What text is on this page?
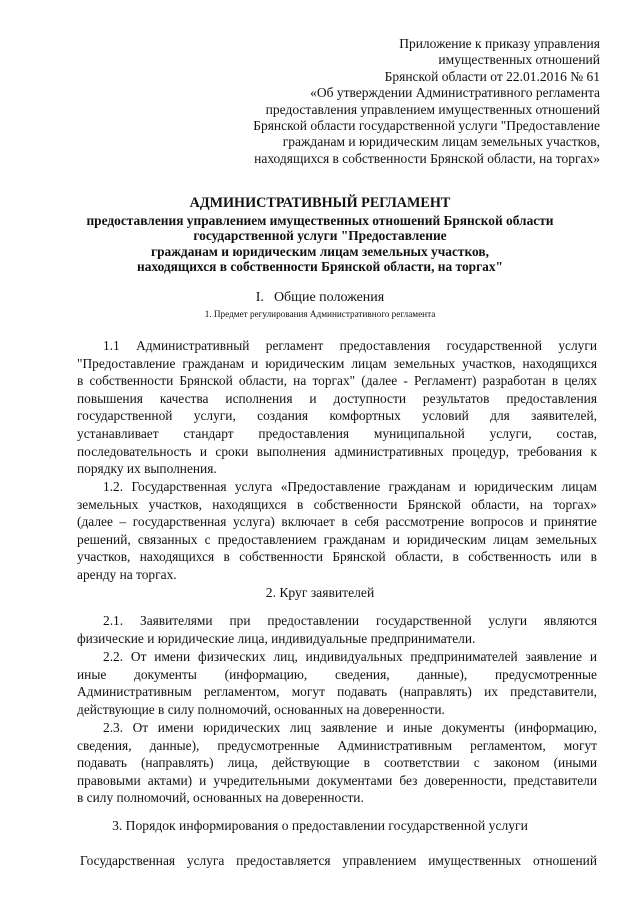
Приложение к приказу управления
имущественных отношений
Брянской области от 22.01.2016 № 61
«Об утверждении Административного регламента
предоставления управлением имущественных отношений
Брянской области государственной услуги "Предоставление
гражданам и юридическим лицам земельных участков,
находящихся в собственности Брянской области, на торгах»
АДМИНИСТРАТИВНЫЙ РЕГЛАМЕНТ
предоставления управлением имущественных отношений Брянской области
государственной услуги "Предоставление
гражданам и юридическим лицам земельных участков,
находящихся в собственности Брянской области, на торгах"
I. Общие положения
1. Предмет регулирования Административного регламента
1.1 Административный регламент предоставления государственной услуги
"Предоставление гражданам и юридическим лицам земельных участков, находящихся
в собственности Брянской области, на торгах" (далее - Регламент) разработан в целях
повышения качества исполнения и доступности результатов предоставления
государственной услуги, создания комфортных условий для заявителей,
устанавливает стандарт предоставления муниципальной услуги, состав,
последовательность и сроки выполнения административных процедур, требования к
порядку их выполнения.
1.2. Государственная услуга «Предоставление гражданам и юридическим лицам
земельных участков, находящихся в собственности Брянской области, на торгах»
(далее – государственная услуга) включает в себя рассмотрение вопросов и принятие
решений, связанных с предоставлением гражданам и юридическим лицам земельных
участков, находящихся в собственности Брянской области, в собственность или в
аренду на торгах.
2. Круг заявителей
2.1. Заявителями при предоставлении государственной услуги являются
физические и юридические лица, индивидуальные предприниматели.
2.2. От имени физических лиц, индивидуальных предпринимателей заявление и
иные документы (информацию, сведения, данные), предусмотренные
Административным регламентом, могут подавать (направлять) их представители,
действующие в силу полномочий, основанных на доверенности.
2.3. От имени юридических лиц заявление и иные документы (информацию,
сведения, данные), предусмотренные Административным регламентом, могут
подавать (направлять) лица, действующие в соответствии с законом (иными
правовыми актами) и учредительными документами без доверенности, представители
в силу полномочий, основанных на доверенности.
3. Порядок информирования о предоставлении государственной услуги
Государственная услуга предоставляется управлением имущественных отношений
